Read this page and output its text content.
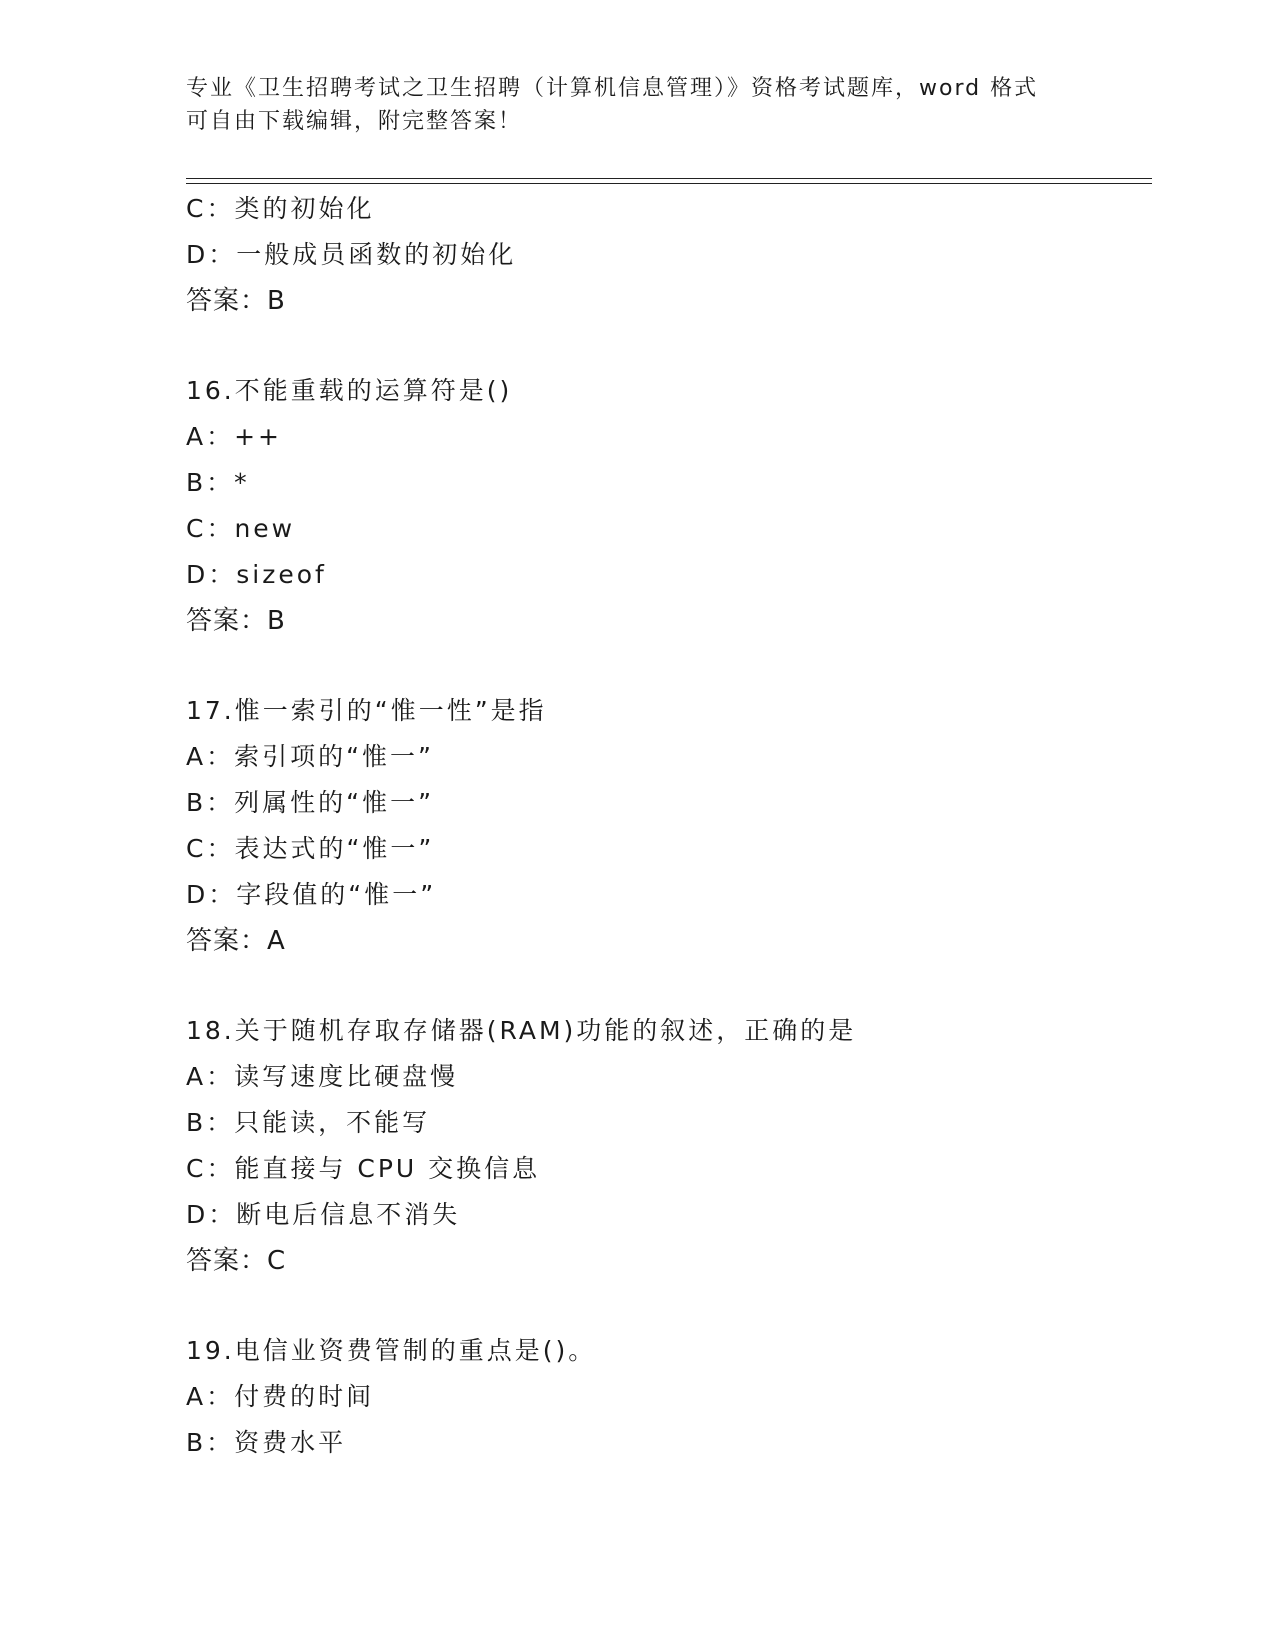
专业《卫生招聘考试之卫生招聘（计算机信息管理）》资格考试题库，word 格式
可自由下载编辑，附完整答案！
C：类的初始化
D：一般成员函数的初始化
答案：B
16.不能重载的运算符是()
A：++
B：*
C：new
D：sizeof
答案：B
17.惟一索引的“惟一性”是指
A：索引项的“惟一”
B：列属性的“惟一”
C：表达式的“惟一”
D：字段值的“惟一”
答案：A
18.关于随机存取存储器(RAM)功能的叙述，正确的是
A：读写速度比硬盘慢
B：只能读，不能写
C：能直接与 CPU 交换信息
D：断电后信息不消失
答案：C
19.电信业资费管制的重点是()。
A：付费的时间
B：资费水平
